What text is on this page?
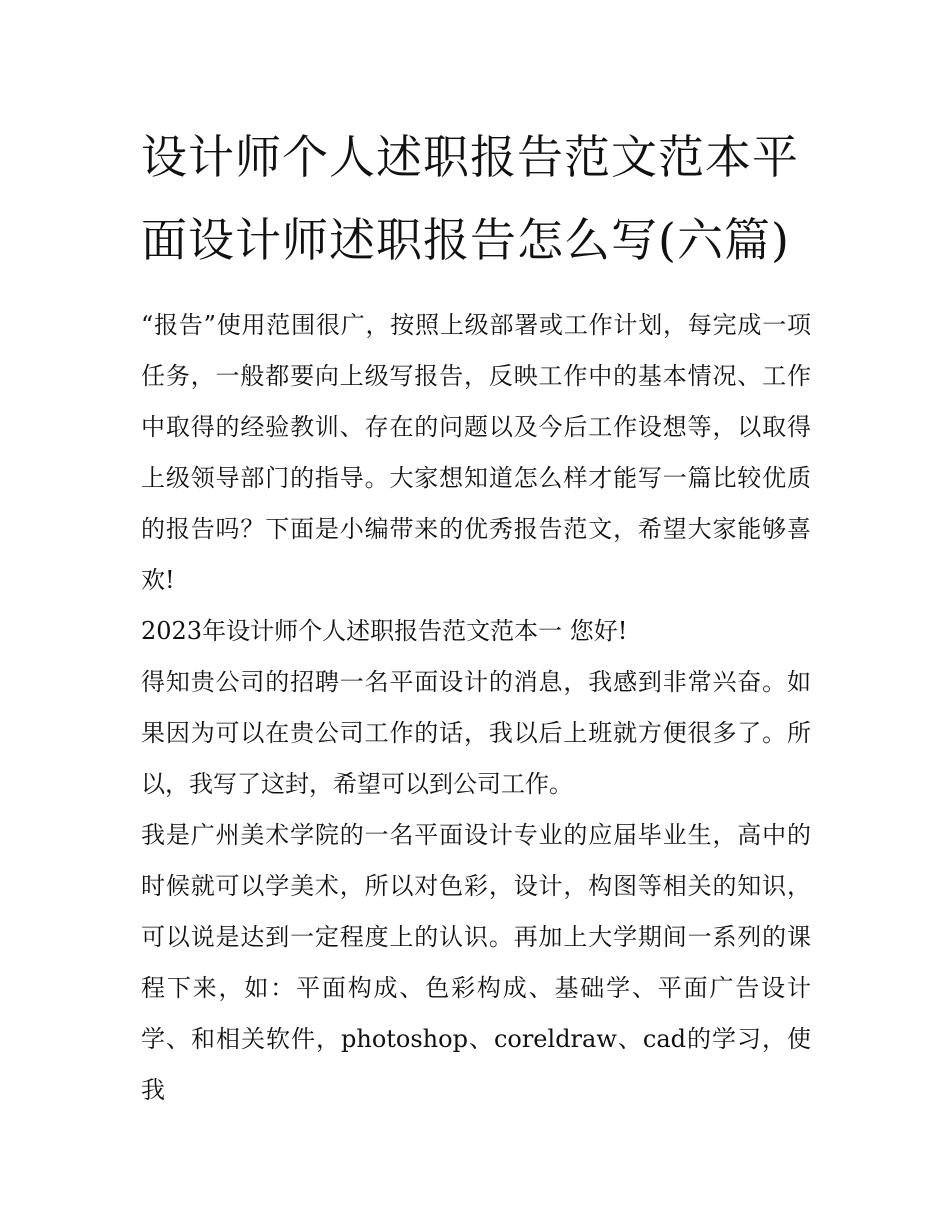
设计师个人述职报告范文范本平面设计师述职报告怎么写(六篇)

“报告”使用范围很广，按照上级部署或工作计划，每完成一项任务，一般都要向上级写报告，反映工作中的基本情况、工作中取得的经验教训、存在的问题以及今后工作设想等，以取得上级领导部门的指导。大家想知道怎么样才能写一篇比较优质的报告吗？下面是小编带来的优秀报告范文，希望大家能够喜欢!

2023年设计师个人述职报告范文范本一 您好!

得知贵公司的招聘一名平面设计的消息，我感到非常兴奋。如果因为可以在贵公司工作的话，我以后上班就方便很多了。所以，我写了这封，希望可以到公司工作。

我是广州美术学院的一名平面设计专业的应届毕业生，高中的时候就可以学美术，所以对色彩，设计，构图等相关的知识，可以说是达到一定程度上的认识。再加上大学期间一系列的课程下来，如：平面构成、色彩构成、基础学、平面广告设计学、和相关软件，photoshop、coreldraw、cad的学习，使我
